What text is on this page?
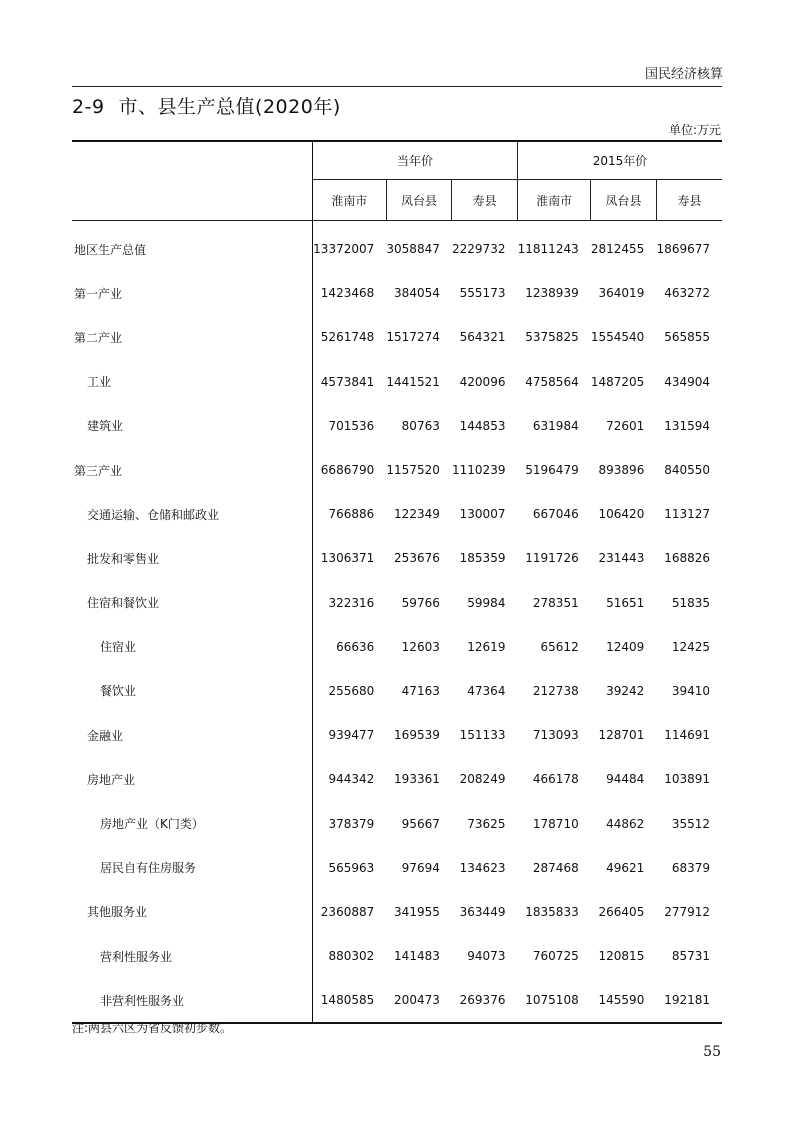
国民经济核算
2-9 市、县生产总值(2020年)
单位:万元
	当年价			2015年价		
	淮南市	凤台县	寿县	淮南市	凤台县	寿县
地区生产总值	13372007	3058847	2229732	11811243	2812455	1869677
第一产业	1423468	384054	555173	1238939	364019	463272
第二产业	5261748	1517274	564321	5375825	1554540	565855
工业	4573841	1441521	420096	4758564	1487205	434904
建筑业	701536	80763	144853	631984	72601	131594
第三产业	6686790	1157520	1110239	5196479	893896	840550
交通运输、仓储和邮政业	766886	122349	130007	667046	106420	113127
批发和零售业	1306371	253676	185359	1191726	231443	168826
住宿和餐饮业	322316	59766	59984	278351	51651	51835
住宿业	66636	12603	12619	65612	12409	12425
餐饮业	255680	47163	47364	212738	39242	39410
金融业	939477	169539	151133	713093	128701	114691
房地产业	944342	193361	208249	466178	94484	103891
房地产业（K门类）	378379	95667	73625	178710	44862	35512
居民自有住房服务	565963	97694	134623	287468	49621	68379
其他服务业	2360887	341955	363449	1835833	266405	277912
营利性服务业	880302	141483	94073	760725	120815	85731
非营利性服务业	1480585	200473	269376	1075108	145590	192181
注:两县六区为省反馈初步数。
55
